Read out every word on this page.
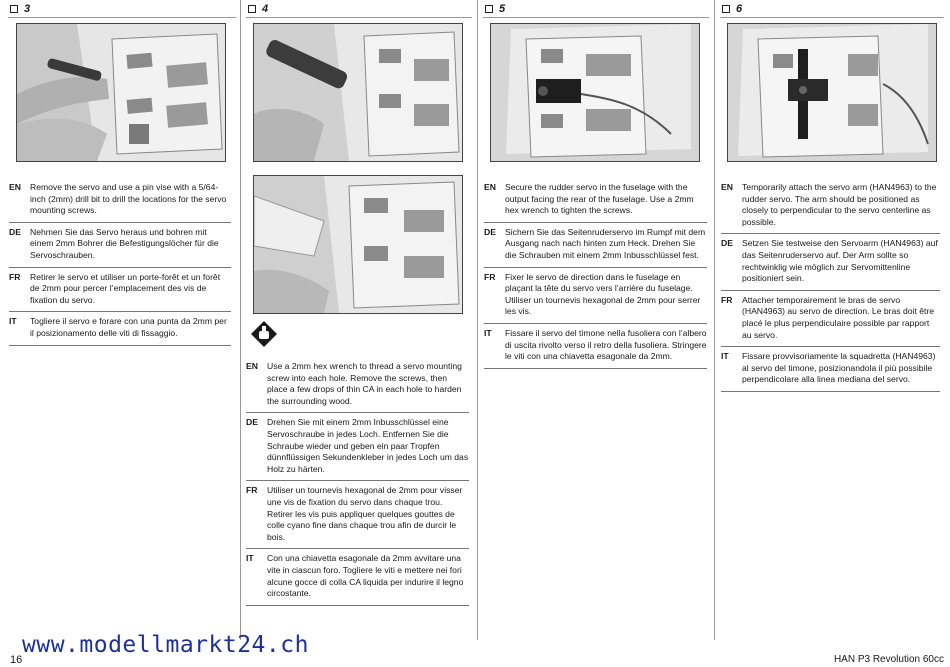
3	4	5	6
EN	Remove the servo and use a pin vise with a 5/64-inch (2mm) drill bit to drill the locations for the servo mounting screws.
DE	Nehmen Sie das Servo heraus und bohren mit einem 2mm Bohrer die Befestigungslöcher für die Servoschrauben.
FR	Retirer le servo et utiliser un porte-forêt et un forêt de 2mm pour percer l’emplacement des vis de fixation du servo.
IT	Togliere il servo e forare con una punta da 2mm per il posizionamento delle viti di fissaggio.
EN	Use a 2mm hex wrench to thread a servo mounting screw into each hole. Remove the screws, then place a few drops of thin CA in each hole to harden the surrounding wood.
DE	Drehen Sie mit einem 2mm Inbusschlüssel eine Servoschraube in jedes Loch. Entfernen Sie die Schraube wieder und geben ein paar Tropfen dünnflüssigen Sekundenkleber in jedes Loch um das Holz zu härten.
FR	Utiliser un tournevis hexagonal de 2mm pour visser une vis de fixation du servo dans chaque trou. Retirer les vis puis appliquer quelques gouttes de colle cyano fine dans chaque trou afin de durcir le bois.
IT	Con una chiavetta esagonale da 2mm avvitare una vite in ciascun foro. Togliere le viti e mettere nei fori alcune gocce di colla CA liquida per indurire il legno circostante.
EN	Secure the rudder servo in the fuselage with the output facing the rear of the fuselage. Use a 2mm hex wrench to tighten the screws.
DE	Sichern Sie das Seitenruderservo im Rumpf mit dem Ausgang nach nach hinten zum Heck. Drehen Sie die Schrauben mit einem 2mm Inbusschlüssel fest.
FR	Fixer le servo de direction dans le fuselage en plaçant la tête du servo vers l’arrière du fuselage. Utiliser un tournevis hexagonal de 2mm pour serrer les vis.
IT	Fissare il servo del timone nella fusoliera con l’albero di uscita rivolto verso il retro della fusoliera. Stringere le viti con una chiavetta esagonale da 2mm.
EN	Temporarily attach the servo arm (HAN4963) to the rudder servo. The arm should be positioned as closely to perpendicular to the servo centerline as possible.
DE	Setzen Sie testweise den Servoarm (HAN4963) auf das Seitenruderservo auf. Der Arm sollte so rechtwinklig wie möglich zur Servomittenline positioniert sein.
FR	Attacher temporairement le bras de servo (HAN4963) au servo de direction. Le bras doit être placé le plus perpendiculaire possible par rapport au servo.
IT	Fissare provvisoriamente la squadretta (HAN4963) al servo del timone, posizionandola il più possibile perpendicolare alla linea mediana del servo.
www.modellmarkt24.ch
16	HAN P3 Revolution 60cc
